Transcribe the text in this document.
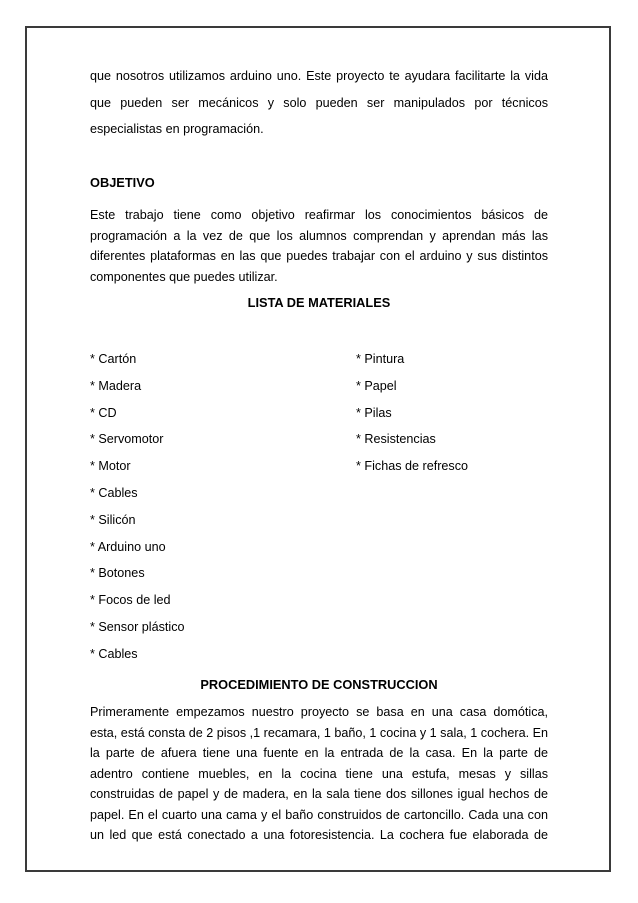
que nosotros utilizamos arduino uno. Este proyecto te ayudara facilitarte la vida
que pueden ser mecánicos y solo pueden ser manipulados por técnicos
especialistas en programación.
OBJETIVO
Este trabajo tiene como objetivo reafirmar los conocimientos básicos de
programación a la vez de que los alumnos comprendan y aprendan más las
diferentes plataformas en las que puedes trabajar con el arduino y sus distintos
componentes que puedes utilizar.
LISTA DE MATERIALES
* Cartón
* Madera
* CD
* Servomotor
* Motor
* Cables
* Silicón
* Arduino uno
* Botones
* Focos de led
* Sensor plástico
* Cables
* Pintura
* Papel
* Pilas
* Resistencias
* Fichas de refresco
PROCEDIMIENTO DE CONSTRUCCION
Primeramente empezamos nuestro proyecto se basa en una casa domótica,
esta, está consta de 2 pisos ,1 recamara, 1 baño, 1 cocina y 1 sala, 1 cochera. En
la parte de afuera tiene una fuente en la entrada de la casa. En la parte de
adentro contiene muebles, en la cocina tiene una estufa, mesas y sillas
construidas de papel y de madera, en la sala tiene dos sillones igual hechos de
papel. En el cuarto una cama y el baño construidos de cartoncillo. Cada una con
un led que está conectado a una fotoresistencia. La cochera fue elaborada de
